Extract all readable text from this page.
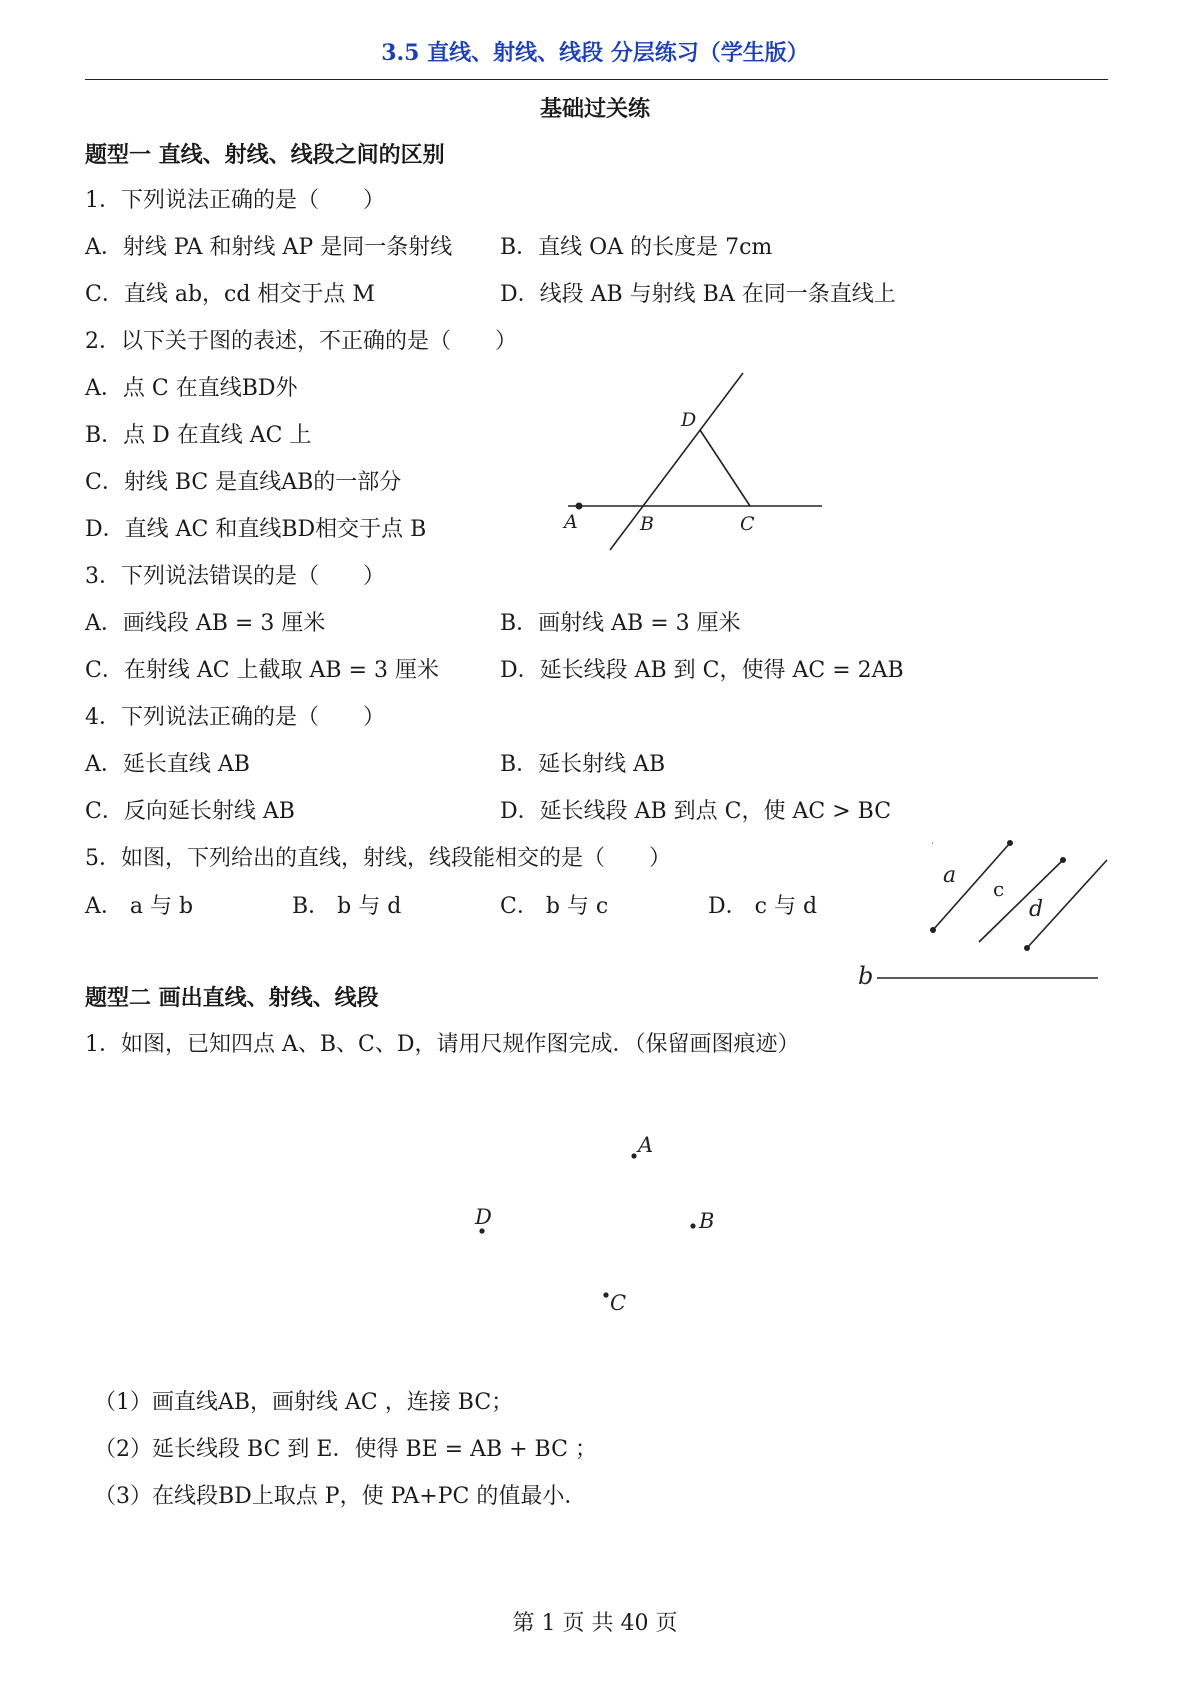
3.5 直线、射线、线段 分层练习（学生版）
基础过关练
题型一 直线、射线、线段之间的区别
1．下列说法正确的是（　　）
A．射线 PA 和射线 AP 是同一条射线 B．直线 OA 的长度是 7cm
C．直线 ab，cd 相交于点 M	D．线段 AB 与射线 BA 在同一条直线上
2．以下关于图的表述，不正确的是（　　）
A．点 C 在直线BD外
B．点 D 在直线 AC 上
C．射线 BC 是直线AB的一部分
D．直线 AC 和直线BD相交于点 B	A	B	C
D
3．下列说法错误的是（　　）
A．画线段 AB = 3 厘米	B．画射线 AB = 3 厘米
C．在射线 AC 上截取 AB = 3 厘米	D．延长线段 AB 到 C，使得 AC = 2AB
4．下列说法正确的是（　　）
A．延长直线 AB	B．延长射线 AB
C．反向延长射线 AB	D．延长线段 AB 到点 C，使 AC > BC
5．如图，下列给出的直线，射线，线段能相交的是（　　）
A． a 与 b	B． b 与 d	C． b 与 c	D． c 与 d
a
c
d
b
题型二 画出直线、射线、线段
1．如图，已知四点 A、B、C、D，请用尺规作图完成．（保留画图痕迹）
A
D	B
C
（1）画直线AB，画射线 AC ，连接 BC；
（2）延长线段 BC 到 E．使得 BE = AB + BC ；
（3）在线段BD上取点 P，使 PA+PC 的值最小．
第 1 页 共 40 页
